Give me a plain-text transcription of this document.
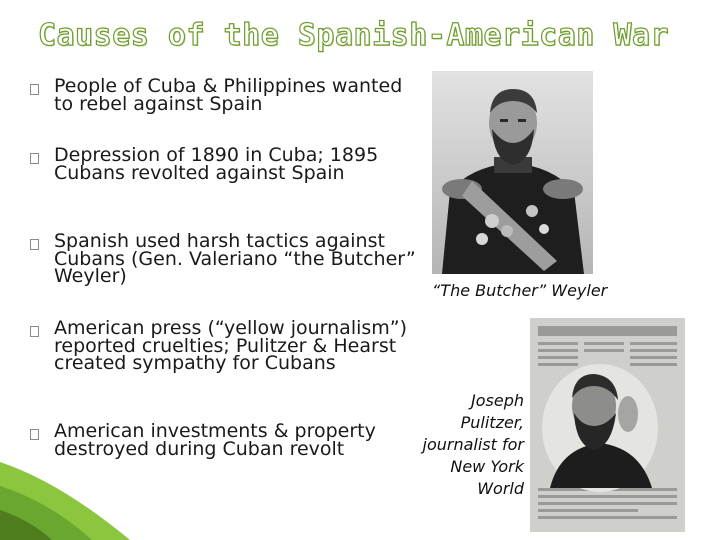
Causes of the Spanish-American War
People of Cuba & Philippines wanted to rebel against Spain
Depression of 1890 in Cuba; 1895 Cubans revolted against Spain
Spanish used harsh tactics against Cubans (Gen. Valeriano “the Butcher” Weyler)
American press (“yellow journalism”) reported cruelties; Pulitzer & Hearst created sympathy for Cubans
American investments & property destroyed during Cuban revolt
“The Butcher” Weyler
Joseph Pulitzer, journalist for New York World
